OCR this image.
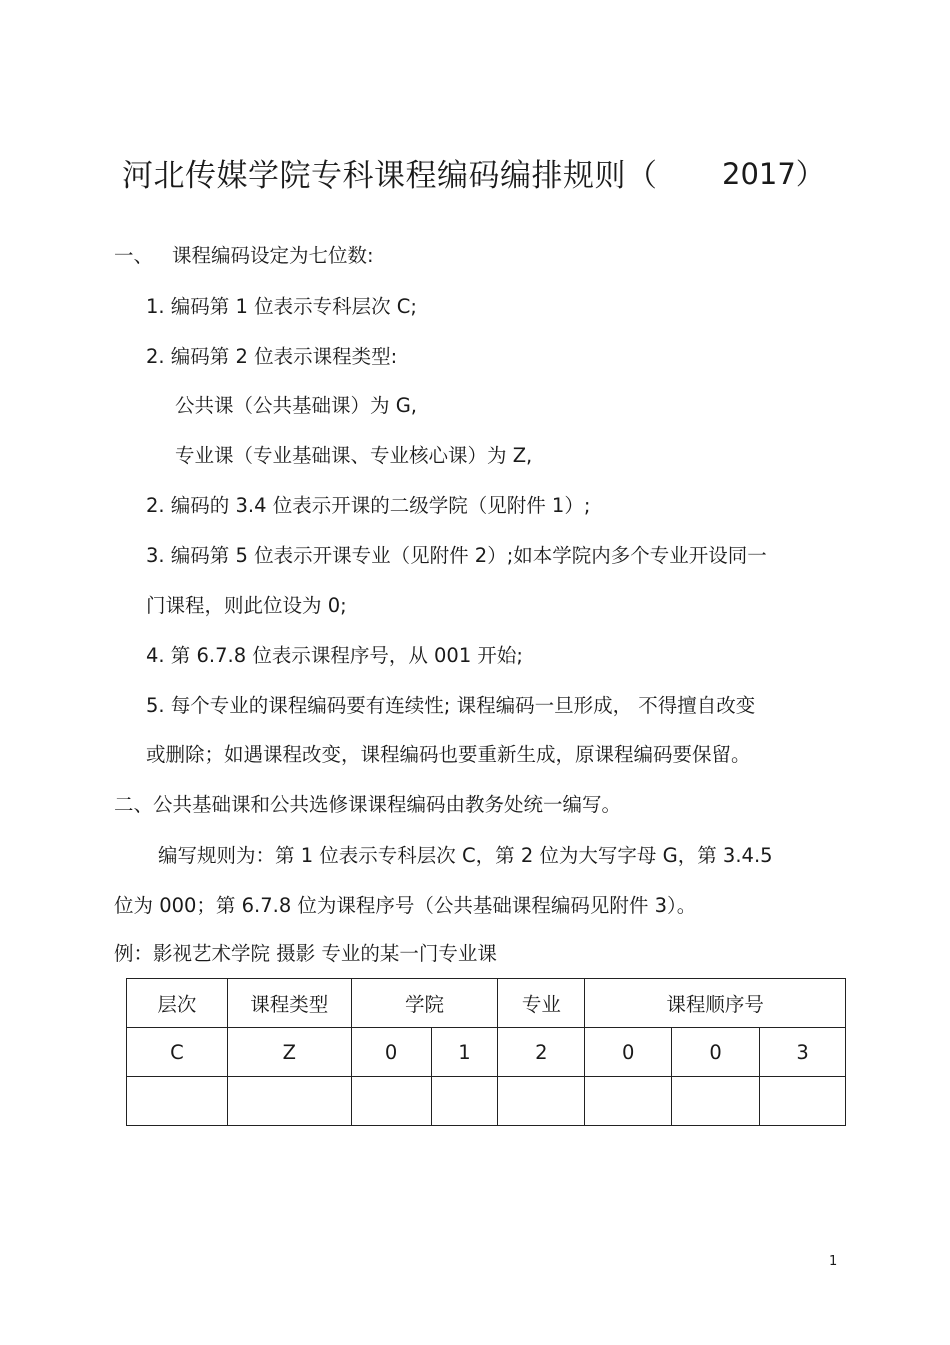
河北传媒学院专科课程编码编排规则（ 2017）
一、 课程编码设定为七位数:
1. 编码第 1 位表示专科层次 C;
2. 编码第 2 位表示课程类型:
公共课（公共基础课）为 G,
专业课（专业基础课、专业核心课）为 Z,
2. 编码的 3.4 位表示开课的二级学院（见附件 1）;
3. 编码第 5 位表示开课专业（见附件 2）;如本学院内多个专业开设同一
门课程，则此位设为 0;
4. 第 6.7.8 位表示课程序号，从 001 开始;
5. 每个专业的课程编码要有连续性; 课程编码一旦形成， 不得擅自改变
或删除；如遇课程改变，课程编码也要重新生成，原课程编码要保留。
二、公共基础课和公共选修课课程编码由教务处统一编写。
编写规则为：第 1 位表示专科层次 C，第 2 位为大写字母 G，第 3.4.5
位为 000；第 6.7.8 位为课程序号（公共基础课程编码见附件 3）。
例：影视艺术学院 摄影 专业的某一门专业课
层次	课程类型	学院		专业	课程顺序号		
C	Z	0	1	2	0	0	3

1
